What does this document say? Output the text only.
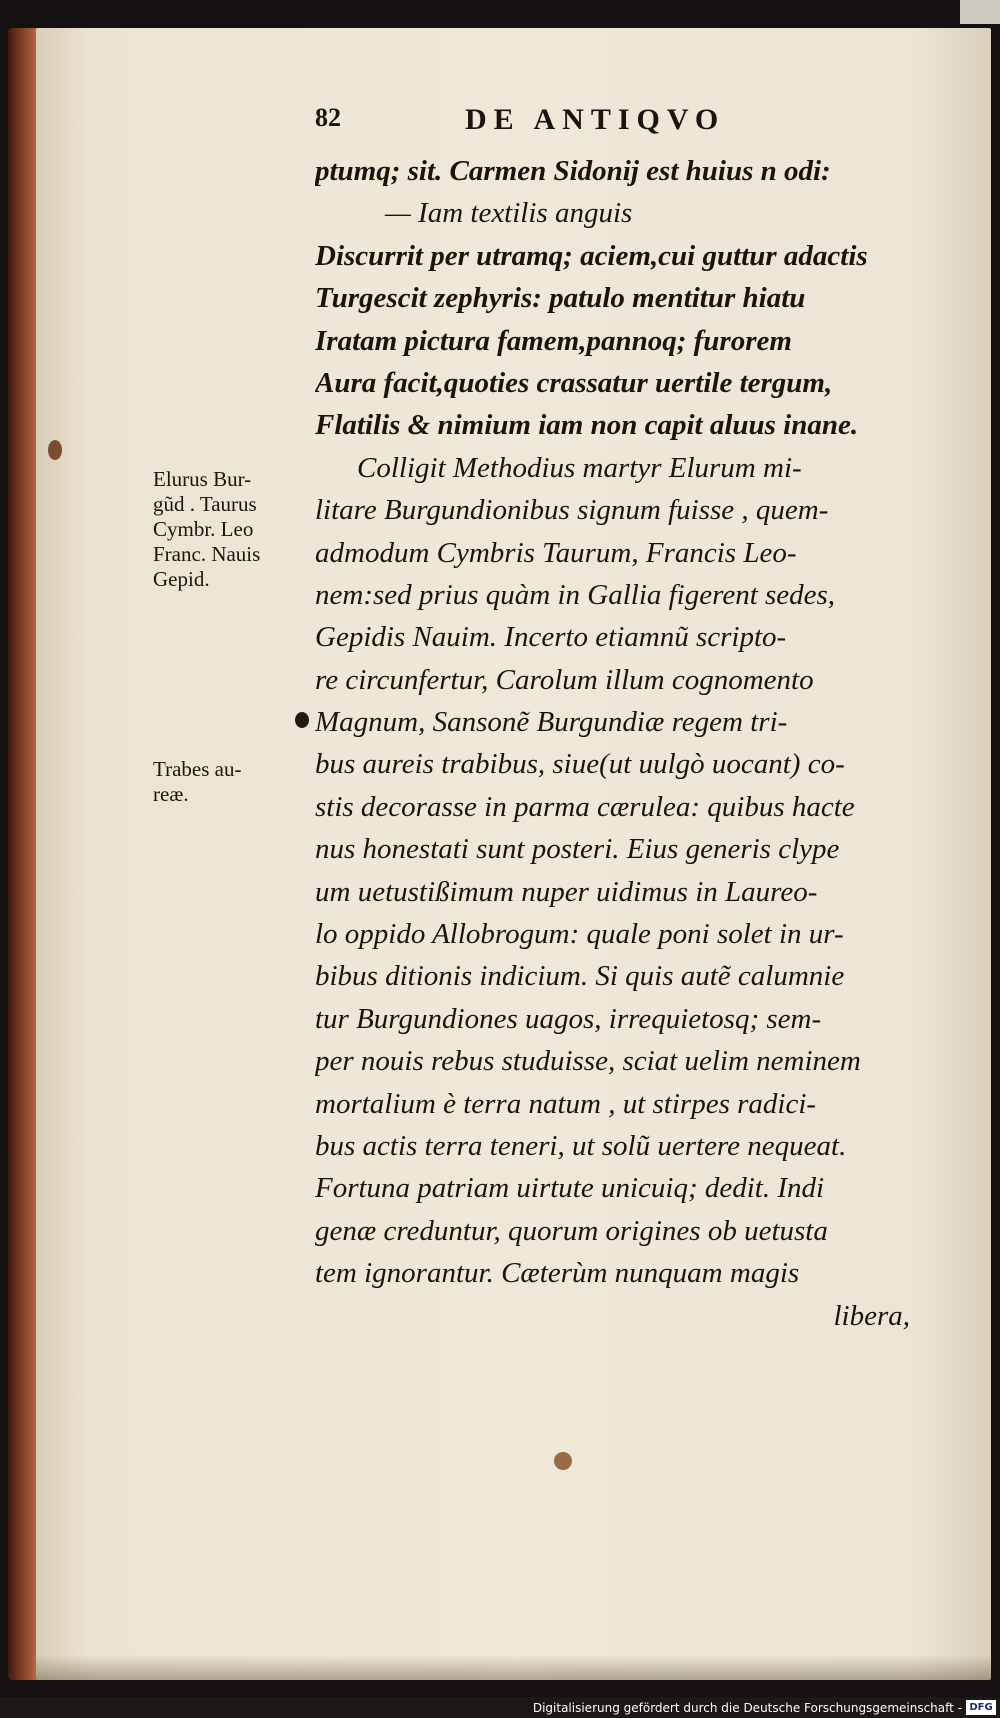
82	DE ANTIQVO
Elurus Bur-
gũd . Taurus
Cymbr. Leo
Franc. Nauis
Gepid.
Trabes au-
reæ.
ptumq; sit. Carmen Sidonij est huius n odi:
— Iam textilis anguis
Discurrit per utramq; aciem,cui guttur adactis
Turgescit zephyris: patulo mentitur hiatu
Iratam pictura famem,pannoq; furorem
Aura facit,quoties crassatur uertile tergum,
Flatilis & nimium iam non capit aluus inane.
Colligit Methodius martyr Elurum mi-
litare Burgundionibus signum fuisse , quem-
admodum Cymbris Taurum, Francis Leo-
nem:sed prius quàm in Gallia figerent sedes,
Gepidis Nauim. Incerto etiamnũ scripto-
re circunfertur, Carolum illum cognomento
Magnum, Sansonẽ Burgundiæ regem tri-
bus aureis trabibus, siue(ut uulgò uocant) co-
stis decorasse in parma cærulea: quibus hacte
nus honestati sunt posteri. Eius generis clype
um uetustißimum nuper uidimus in Laureo-
lo oppido Allobrogum: quale poni solet in ur-
bibus ditionis indicium. Si quis autẽ calumnie
tur Burgundiones uagos, irrequietosq; sem-
per nouis rebus studuisse, sciat uelim neminem
mortalium è terra natum , ut stirpes radici-
bus actis terra teneri, ut solũ uertere nequeat.
Fortuna patriam uirtute unicuiq; dedit. Indi
genæ creduntur, quorum origines ob uetusta
tem ignorantur. Cæterùm nunquam magis
libera,
Digitalisierung gefördert durch die Deutsche Forschungsgemeinschaft - DFG
